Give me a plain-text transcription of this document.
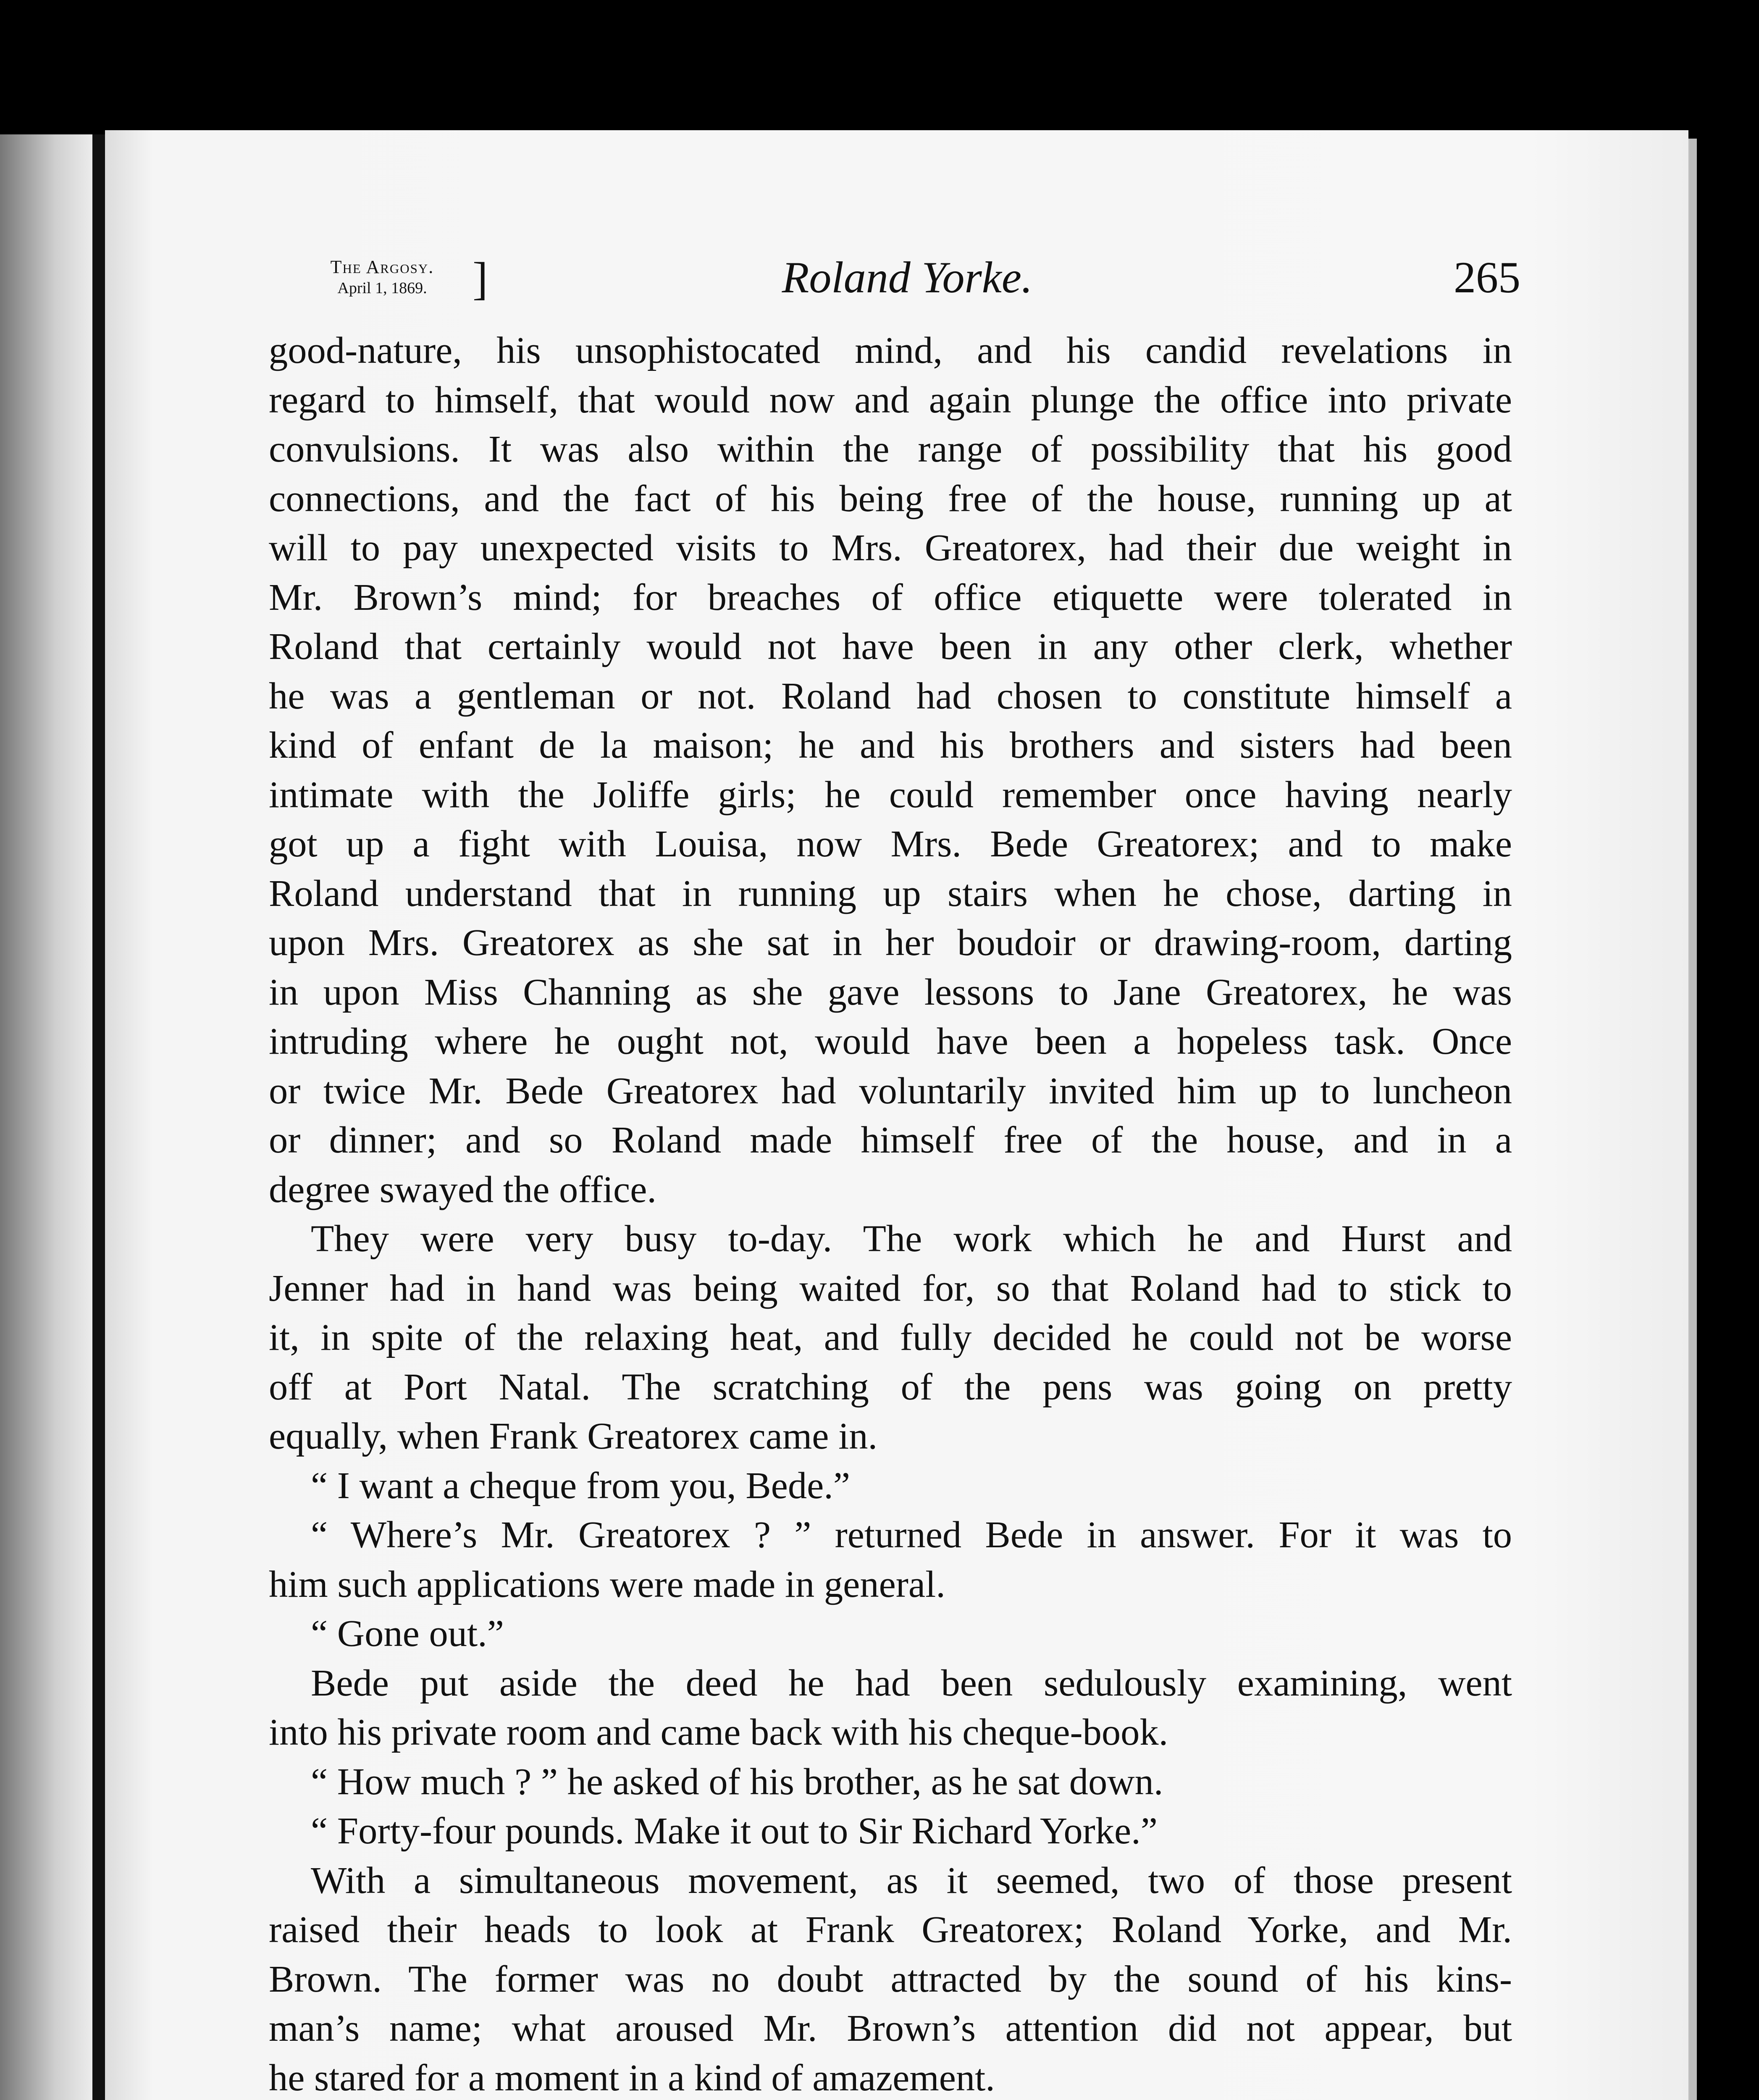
The Argosy.
April 1, 1869. ]	Roland Yorke.	265

good-nature, his unsophistocated mind, and his candid revelations in

regard to himself, that would now and again plunge the office into private

convulsions. It was also within the range of possibility that his good

connections, and the fact of his being free of the house, running up at

will to pay unexpected visits to Mrs. Greatorex, had their due weight in

Mr. Brown’s mind; for breaches of office etiquette were tolerated in

Roland that certainly would not have been in any other clerk, whether

he was a gentleman or not. Roland had chosen to constitute himself a

kind of enfant de la maison; he and his brothers and sisters had been

intimate with the Joliffe girls; he could remember once having nearly

got up a fight with Louisa, now Mrs. Bede Greatorex; and to make

Roland understand that in running up stairs when he chose, darting in

upon Mrs. Greatorex as she sat in her boudoir or drawing-room, darting

in upon Miss Channing as she gave lessons to Jane Greatorex, he was

intruding where he ought not, would have been a hopeless task. Once

or twice Mr. Bede Greatorex had voluntarily invited him up to luncheon

or dinner; and so Roland made himself free of the house, and in a

degree swayed the office.

They were very busy to-day. The work which he and Hurst and

Jenner had in hand was being waited for, so that Roland had to stick to

it, in spite of the relaxing heat, and fully decided he could not be worse

off at Port Natal. The scratching of the pens was going on pretty

equally, when Frank Greatorex came in.

“ I want a cheque from you, Bede.”

“ Where’s Mr. Greatorex ? ” returned Bede in answer. For it was to

him such applications were made in general.

“ Gone out.”

Bede put aside the deed he had been sedulously examining, went

into his private room and came back with his cheque-book.

“ How much ? ” he asked of his brother, as he sat down.

“ Forty-four pounds. Make it out to Sir Richard Yorke.”

With a simultaneous movement, as it seemed, two of those present

raised their heads to look at Frank Greatorex; Roland Yorke, and Mr.

Brown. The former was no doubt attracted by the sound of his kins-

man’s name; what aroused Mr. Brown’s attention did not appear, but

he stared for a moment in a kind of amazement.
